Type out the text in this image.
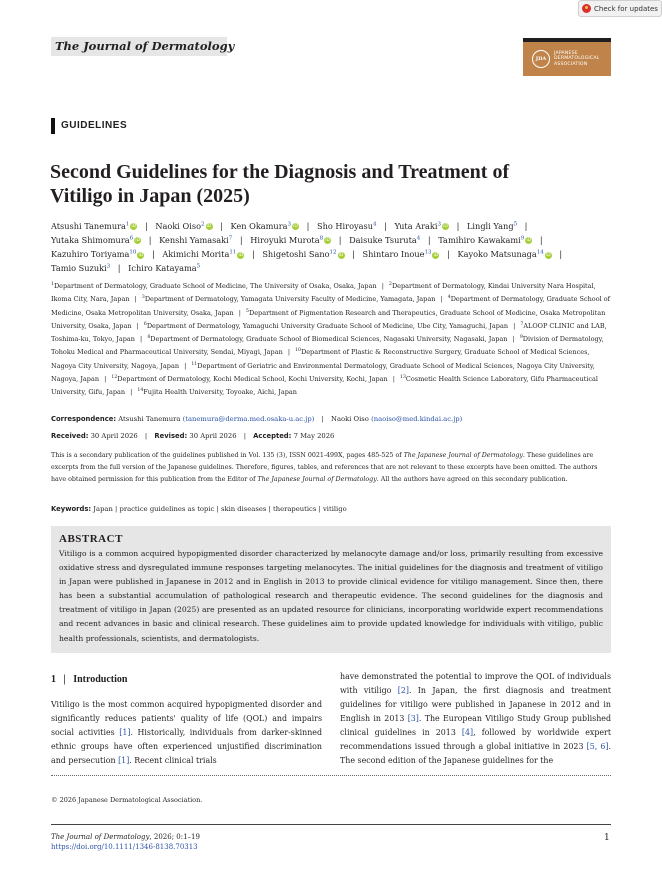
Check for updates
The Journal of Dermatology
JDA
JAPANESE
DERMATOLOGICAL
ASSOCIATION
GUIDELINES
Second Guidelines for the Diagnosis and Treatment of
Vitiligo in Japan (2025)
Atsushi Tanemura$^1$ iD | Naoki Oiso$^2$ iD | Ken Okamura$^3$ iD | Sho Hiroyasu$^4$ | Yuta Araki$^3$ iD | Lingli Yang$^5$ | Yutaka Shimomura$^6$ iD | Kenshi Yamasaki$^7$ | Hiroyuki Murota$^8$ iD | Daisuke Tsuruta$^4$ | Tamihiro Kawakami$^9$ iD | Kazuhiro Toriyama$^{10}$ iD | Akimichi Morita$^{11}$ iD | Shigetoshi Sano$^{12}$ iD | Shintaro Inoue$^{13}$ iD | Kayoko Matsunaga$^{14}$ iD | Tamio Suzuki$^3$ | Ichiro Katayama$^5$
$^1$Department of Dermatology, Graduate School of Medicine, The University of Osaka, Osaka, Japan | $^2$Department of Dermatology, Kindai University Nara Hospital, Ikoma City, Nara, Japan | $^3$Department of Dermatology, Yamagata University Faculty of Medicine, Yamagata, Japan | $^4$Department of Dermatology, Graduate School of Medicine, Osaka Metropolitan University, Osaka, Japan | $^5$Department of Pigmentation Research and Therapeutics, Graduate School of Medicine, Osaka Metropolitan University, Osaka, Japan | $^6$Department of Dermatology, Yamaguchi University Graduate School of Medicine, Ube City, Yamaguchi, Japan | $^7$ALOOP CLINIC and LAB, Toshima-ku, Tokyo, Japan | $^8$Department of Dermatology, Graduate School of Biomedical Sciences, Nagasaki University, Nagasaki, Japan | $^9$Division of Dermatology, Tohoku Medical and Pharmaceutical University, Sendai, Miyagi, Japan | $^{10}$Department of Plastic & Reconstructive Surgery, Graduate School of Medical Sciences, Nagoya City University, Nagoya, Japan | $^{11}$Department of Geriatric and Environmental Dermatology, Graduate School of Medical Sciences, Nagoya City University, Nagoya, Japan | $^{12}$Department of Dermatology, Kochi Medical School, Kochi University, Kochi, Japan | $^{13}$Cosmetic Health Science Laboratory, Gifu Pharmaceutical University, Gifu, Japan | $^{14}$Fujita Health University, Toyoake, Aichi, Japan
Correspondence: Atsushi Tanemura (tanemura@derma.med.osaka-u.ac.jp) | Naoki Oiso (naoiso@med.kindai.ac.jp)
Received: 30 April 2026 | Revised: 30 April 2026 | Accepted: 7 May 2026
This is a secondary publication of the guidelines published in Vol. 135 (3), ISSN 0021-499X, pages 485-525 of The Japanese Journal of Dermatology. These guidelines are excerpts from the full version of the Japanese guidelines. Therefore, figures, tables, and references that are not relevant to these excerpts have been omitted. The authors have obtained permission for this publication from the Editor of The Japanese Journal of Dermatology. All the authors have agreed on this secondary publication.
Keywords: Japan | practice guidelines as topic | skin diseases | therapeutics | vitiligo
ABSTRACT
Vitiligo is a common acquired hypopigmented disorder characterized by melanocyte damage and/or loss, primarily resulting from excessive oxidative stress and dysregulated immune responses targeting melanocytes. The initial guidelines for the diagnosis and treatment of vitiligo in Japan were published in Japanese in 2012 and in English in 2013 to provide clinical evidence for vitiligo management. Since then, there has been a substantial accumulation of pathological research and therapeutic evidence. The second guidelines for the diagnosis and treatment of vitiligo in Japan (2025) are presented as an updated resource for clinicians, incorporating worldwide expert recommendations and recent advances in basic and clinical research. These guidelines aim to provide updated knowledge for individuals with vitiligo, public health professionals, scientists, and dermatologists.
1   |   Introduction
Vitiligo is the most common acquired hypopigmented disorder and significantly reduces patients' quality of life (QOL) and impairs social activities [1]. Historically, individuals from darker-skinned ethnic groups have often experienced unjustified discrimination and persecution [1]. Recent clinical trials
have demonstrated the potential to improve the QOL of individuals with vitiligo [2]. In Japan, the first diagnosis and treatment guidelines for vitiligo were published in Japanese in 2012 and in English in 2013 [3]. The European Vitiligo Study Group published clinical guidelines in 2013 [4], followed by worldwide expert recommendations issued through a global initiative in 2023 [5, 6]. The second edition of the Japanese guidelines for the
© 2026 Japanese Dermatological Association.
The Journal of Dermatology, 2026; 0:1–19
https://doi.org/10.1111/1346-8138.70313
1
